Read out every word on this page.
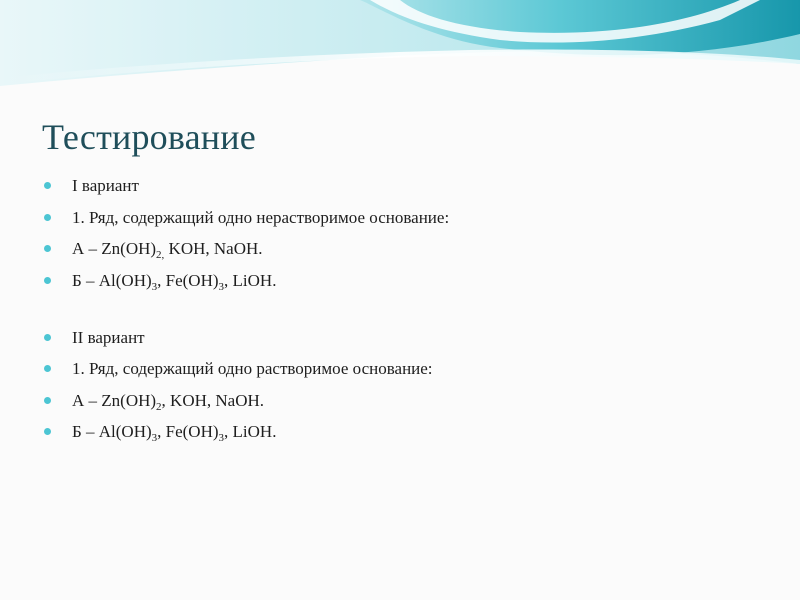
Тестирование
I вариант
1. Ряд, содержащий одно нерастворимое основание:
А – $Zn(OH)_{2,}$ KOH, NaOH.
Б – $Al(OH)_3$, $Fe(OH)_3$, LiOH.
II вариант
1. Ряд, содержащий одно растворимое основание:
А – $Zn(OH)_2$, KOH, NaOH.
Б – $Al(OH)_3$, $Fe(OH)_3$, LiOH.
